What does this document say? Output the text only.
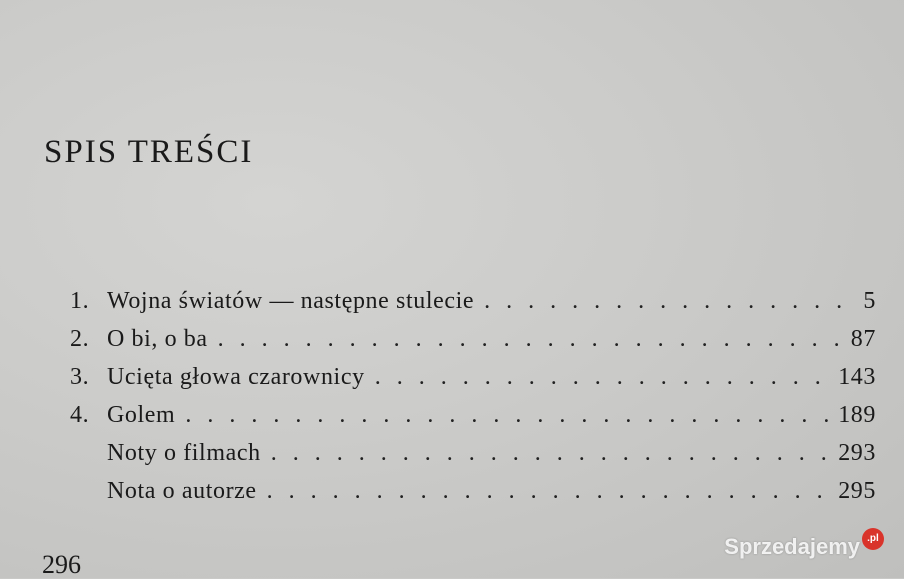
SPIS TREŚCI
1. Wojna światów — następne stulecie . . .	5
2. O bi, o ba . . .	87
3. Ucięta głowa czarownicy . . .	143
4. Golem . . .	189
Noty o filmach . . .	293
Nota o autorze . . .	295
296
Sprzedajemy .pl
